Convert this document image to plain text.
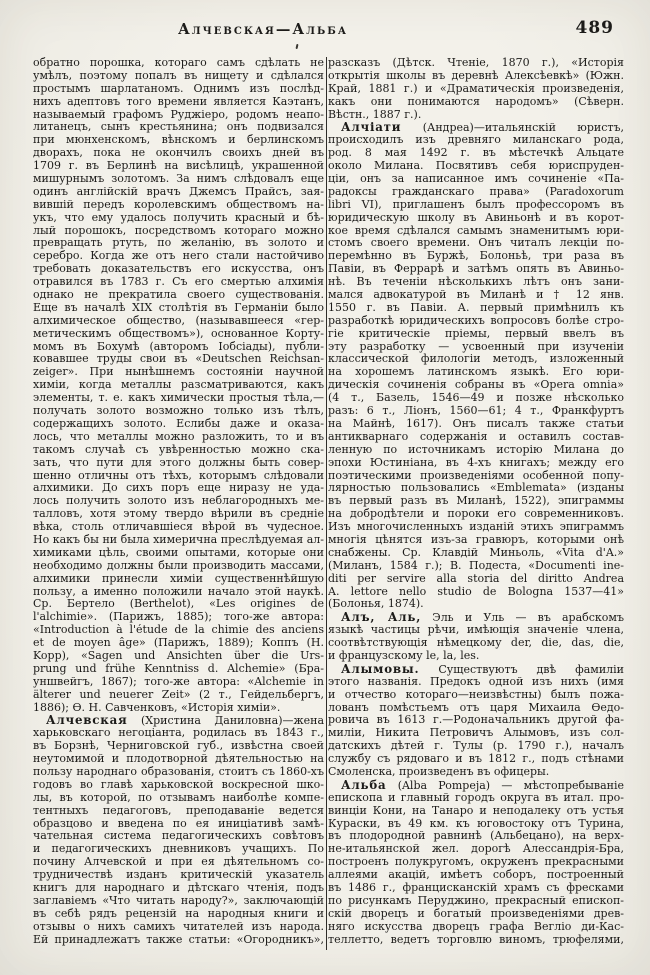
Алчевская—Альба	489
обратно порошка, котораго самъ сдѣлать не
умѣлъ, поэтому попалъ въ нищету и сдѣлался
простымъ шарлатаномъ. Однимъ изъ послѣд-
нихъ адептовъ того времени является Каэтанъ,
называемый графомъ Руджіеро, родомъ неапо-
литанецъ, сынъ крестьянина; онъ подвизался
при мюнхенскомъ, вѣнскомъ и берлинскомъ
дворахъ, пока не окончилъ своихъ дней въ
1709 г. въ Берлинѣ на висѣлицѣ, украшенной
мишурнымъ золотомъ. За нимъ слѣдовалъ еще
одинъ англійскій врачъ Джемсъ Прайсъ, зая-
вившій передъ королевскимъ обществомъ на-
укъ, что ему удалось получить красный и бѣ-
лый порошокъ, посредствомъ котораго можно
превращать ртуть, по желанію, въ золото и
серебро. Когда же отъ него стали настойчиво
требовать доказательствъ его искусства, онъ
отравился въ 1783 г. Съ его смертью алхимія
однако не прекратила своего существованія.
Еще въ началѣ XIX столѣтія въ Германіи было
алхимическое общество, (называвшееся «гер-
метическимъ обществомъ»), основанное Корту-
момъ въ Бохумѣ (авторомъ Іобсіады), публи-
ковавшее труды свои въ «Deutschen Reichsan-
zeiger». При нынѣшнемъ состояніи научной
химіи, когда металлы разсматриваются, какъ
элементы, т. е. какъ химически простыя тѣла,—
получать золото возможно только изъ тѣлъ,
содержащихъ золото. Еслибы даже и оказа-
лось, что металлы можно разложить, то и въ
такомъ случаѣ съ увѣренностью можно ска-
зать, что пути для этого должны быть совер-
шенно отличны отъ тѣхъ, которымъ слѣдовали
алхимики. До сихъ поръ еще ниразу не уда-
лось получить золото изъ неблагородныхъ ме-
талловъ, хотя этому твердо вѣрили въ средніе
вѣка, столь отличавшіеся вѣрой въ чудесное.
Но какъ бы ни была химерична преслѣдуемая ал-
химиками цѣль, своими опытами, которые они
необходимо должны были производить массами,
алхимики принесли химіи существеннѣйшую
пользу, а именно положили начало этой наукѣ.
Ср. Бертело (Berthelot), «Les origines de
l'alchimie». (Парижъ, 1885); того-же автора:
«Introduction à l'étude de la chimie des anciens
et de moyen âge» (Парижъ, 1889); Коппъ (H.
Kopp), «Sagen und Ansichten über die Urs-
prung und frühe Kenntniss d. Alchemie» (Бра-
уншвейгъ, 1867); того-же автора: «Alchemie in
älterer und neuerer Zeit» (2 т., Гейдельбергъ,
1886); Ѳ. Н. Савченковъ, «Исторія химіи».
Алчевская (Христина Даниловна)—жена
харьковскаго негоціанта, родилась въ 1843 г.,
въ Борзнѣ, Черниговской губ., извѣстна своей
неутомимой и плодотворной дѣятельностью на
пользу народнаго образованія, стоитъ съ 1860-хъ
годовъ во главѣ харьковской воскресной шко-
лы, въ которой, по отзывамъ наиболѣе компе-
тентныхъ педагоговъ, преподаваніе ведется
образцово и введена по ея иниціативѣ замѣ-
чательная система педагогическихъ совѣтовъ
и педагогическихъ дневниковъ учащихъ. По
почину Алчевской и при ея дѣятельномъ со-
трудничествѣ изданъ критическій указатель
книгъ для народнаго и дѣтскаго чтенія, подъ
заглавіемъ «Что читать народу?», заключающій
въ себѣ рядъ рецензій на народныя книги и
отзывы о нихъ самихъ читателей изъ народа.
Ей принадлежатъ также статьи: «Огородникъ»,
разсказъ (Дѣтск. Чтеніе, 1870 г.), «Исторія
открытія школы въ деревнѣ Алексѣевкѣ» (Южн.
Край, 1881 г.) и «Драматическія произведенія,
какъ они понимаются народомъ» (Сѣверн.
Вѣстн., 1887 г.).
Алчіати (Андреа)—итальянскій юристъ,
происходилъ изъ древняго миланскаго рода,
род. 8 мая 1492 г. въ мѣстечкѣ Альцате
около Милана. Посвятивъ себя юриспруден-
ціи, онъ за написанное имъ сочиненіе «Па-
радоксы гражданскаго права» (Paradoxorum
libri VI), приглашенъ былъ профессоромъ въ
юридическую школу въ Авиньонѣ и въ корот-
кое время сдѣлался самымъ знаменитымъ юри-
стомъ своего времени. Онъ читалъ лекціи по-
перемѣнно въ Буржѣ, Болоньѣ, три раза въ
Павіи, въ Феррарѣ и затѣмъ опять въ Авиньо-
нѣ. Въ теченіи нѣсколькихъ лѣтъ онъ зани-
мался адвокатурой въ Миланѣ и † 12 янв.
1550 г. въ Павіи. А. первый примѣнилъ къ
разработкѣ юридическихъ вопросовъ болѣе стро-
гіе критическіе пріемы, первый ввелъ въ
эту разработку — усвоенный при изученіи
классической филологіи методъ, изложенный
на хорошемъ латинскомъ языкѣ. Его юри-
дическія сочиненія собраны въ «Opera omnia»
(4 т., Базель, 1546—49 и позже нѣсколько
разъ: 6 т., Ліонъ, 1560—61; 4 т., Франкфуртъ
на Майнѣ, 1617). Онъ писалъ также статьи
антикварнаго содержанія и оставилъ состав-
ленную по источникамъ исторію Милана до
эпохи Юстиніана, въ 4-хъ книгахъ; между его
поэтическими произведеніями особенной попу-
лярностью пользовались «Emblemata» (изданы
въ первый разъ въ Миланѣ, 1522), эпиграммы
на добродѣтели и пороки его современниковъ.
Изъ многочисленныхъ изданій этихъ эпиграммъ
многія цѣнятся изъ-за гравюръ, которыми онѣ
снабжены. Ср. Клавдій Миньоль, «Vita d'A.»
(Миланъ, 1584 г.); В. Подеста, «Documenti ine-
diti per servire alla storia del diritto Andrea
A. lettore nello studio de Bologna 1537—41»
(Болонья, 1874).
Алъ, Аль, Эль и Уль — въ арабскомъ
языкѣ частицы рѣчи, имѣющія значеніе члена,
соотвѣтствующія нѣмецкому der, die, das, die,
и французскому le, la, les.
Алымовы. Существуютъ двѣ фамиліи
этого названія. Предокъ одной изъ нихъ (имя
и отчество котораго—неизвѣстны) былъ пожа-
лованъ помѣстьемъ отъ царя Михаила Ѳедо-
ровича въ 1613 г.—Родоначальникъ другой фа-
миліи, Никита Петровичъ Алымовъ, изъ сол-
датскихъ дѣтей г. Тулы (р. 1790 г.), началъ
службу съ рядоваго и въ 1812 г., подъ стѣнами
Смоленска, произведенъ въ офицеры.
Альба (Alba Pompeja) — мѣстопребываніе
епископа и главный городъ округа въ итал. про-
винціи Кони, на Танаро и неподалеку отъ устья
Кураски, въ 49 км. къ юговостоку отъ Турина,
въ плодородной равнинѣ (Альбецано), на верх-
не-итальянской жел. дорогѣ Алессандрія-Бра,
построенъ полукругомъ, окруженъ прекрасными
аллеями акацій, имѣетъ соборъ, построенный
въ 1486 г., францисканскій храмъ съ фресками
по рисункамъ Перуджино, прекрасный епископ-
скій дворецъ и богатый произведеніями древ-
няго искусства дворецъ графа Вегліо ди-Кас-
теллетто, ведетъ торговлю виномъ, трюфелями,
